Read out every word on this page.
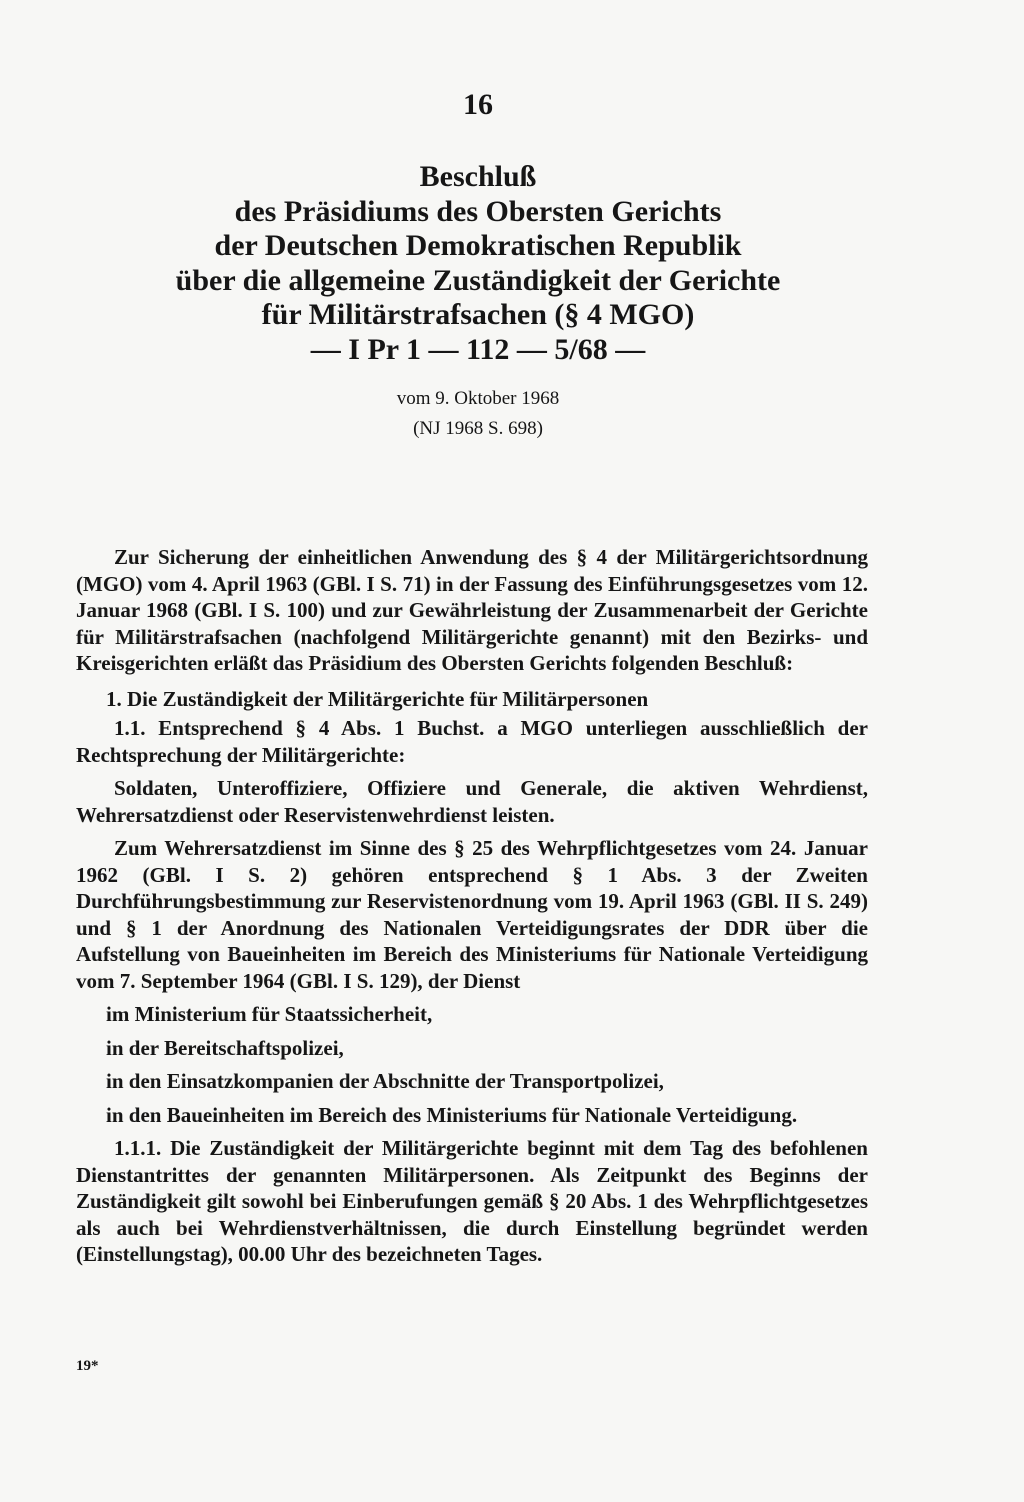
16
Beschluß
des Präsidiums des Obersten Gerichts
der Deutschen Demokratischen Republik
über die allgemeine Zuständigkeit der Gerichte
für Militärstrafsachen (§ 4 MGO)
— I Pr 1 — 112 — 5/68 —
vom 9. Oktober 1968
(NJ 1968 S. 698)

Zur Sicherung der einheitlichen Anwendung des § 4 der Militärgerichtsordnung (MGO) vom 4. April 1963 (GBl. I S. 71) in der Fassung des Einführungsgesetzes vom 12. Januar 1968 (GBl. I S. 100) und zur Gewährleistung der Zusammenarbeit der Gerichte für Militärstrafsachen (nachfolgend Militärgerichte genannt) mit den Bezirks- und Kreisgerichten erläßt das Präsidium des Obersten Gerichts folgenden Beschluß:

1. Die Zuständigkeit der Militärgerichte für Militärpersonen

1.1. Entsprechend § 4 Abs. 1 Buchst. a MGO unterliegen ausschließlich der Rechtsprechung der Militärgerichte:

Soldaten, Unteroffiziere, Offiziere und Generale, die aktiven Wehrdienst, Wehrersatzdienst oder Reservistenwehrdienst leisten.

Zum Wehrersatzdienst im Sinne des § 25 des Wehrpflichtgesetzes vom 24. Januar 1962 (GBl. I S. 2) gehören entsprechend § 1 Abs. 3 der Zweiten Durchführungsbestimmung zur Reservistenordnung vom 19. April 1963 (GBl. II S. 249) und § 1 der Anordnung des Nationalen Verteidigungsrates der DDR über die Aufstellung von Baueinheiten im Bereich des Ministeriums für Nationale Verteidigung vom 7. September 1964 (GBl. I S. 129), der Dienst

im Ministerium für Staatssicherheit,

in der Bereitschaftspolizei,

in den Einsatzkompanien der Abschnitte der Transportpolizei,

in den Baueinheiten im Bereich des Ministeriums für Nationale Verteidigung.

1.1.1. Die Zuständigkeit der Militärgerichte beginnt mit dem Tag des befohlenen Dienstantrittes der genannten Militärpersonen. Als Zeitpunkt des Beginns der Zuständigkeit gilt sowohl bei Einberufungen gemäß § 20 Abs. 1 des Wehrpflichtgesetzes als auch bei Wehrdienstverhältnissen, die durch Einstellung begründet werden (Einstellungstag), 00.00 Uhr des bezeichneten Tages.

19*
